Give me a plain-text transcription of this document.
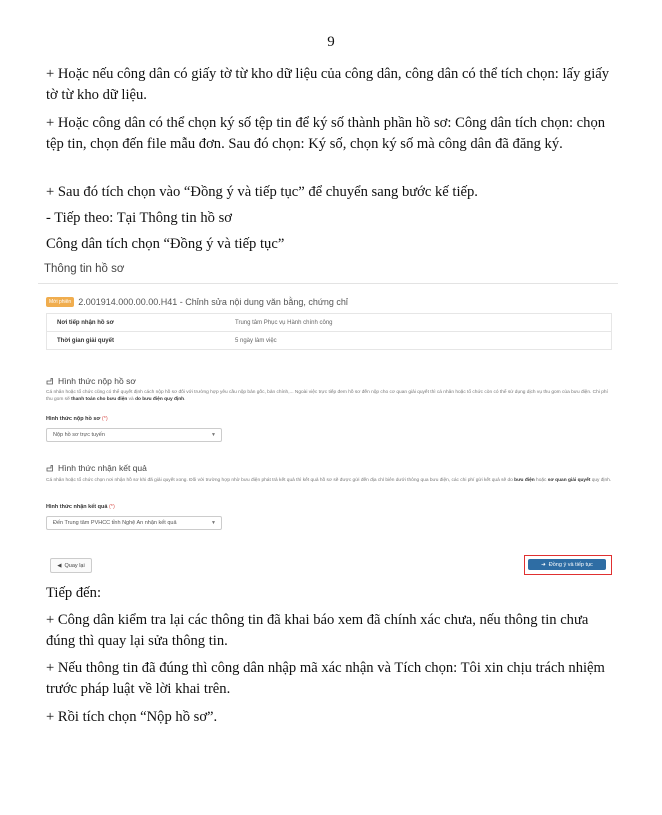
9

+ Hoặc nếu công dân có giấy tờ từ kho dữ liệu của công dân, công dân có thể tích chọn: lấy giấy tờ từ kho dữ liệu.

+ Hoặc công dân có thể chọn ký số tệp tin để ký số thành phần hồ sơ: Công dân tích chọn: chọn tệp tin, chọn đến file mẫu đơn. Sau đó chọn: Ký số, chọn ký số mà công dân đã đăng ký.

+ Sau đó tích chọn vào “Đồng ý và tiếp tục” để chuyển sang bước kế tiếp.

- Tiếp theo: Tại Thông tin hồ sơ

Công dân tích chọn “Đồng ý và tiếp tục”

Thông tin hồ sơ
Mới phiên 2.001914.000.00.00.H41 - Chỉnh sửa nội dung văn bằng, chứng chỉ
Nơi tiếp nhận hồ sơ	Trung tâm Phục vụ Hành chính công
Thời gian giải quyết	5 ngày làm việc
Hình thức nộp hồ sơ
Cá nhân hoặc tổ chức cũng có thể quyết định cách nộp hồ sơ đối với trường hợp yêu cầu nộp bản gốc, bản chính,... Ngoài việc trực tiếp đem hồ sơ đến nộp cho cơ quan giải quyết thì cá nhân hoặc tổ chức còn có thể sử dụng dịch vụ thu gom của bưu điện. Chi phí thu gom sẽ thanh toán cho bưu điện và do bưu điện quy định.
Hình thức nộp hồ sơ (*)
Nộp hồ sơ trực tuyến	▼
Hình thức nhận kết quả
Cá nhân hoặc tổ chức chọn nơi nhận hồ sơ khi đã giải quyết xong. Đối với trường hợp nhờ bưu điện phát trả kết quả thì kết quả hồ sơ sẽ được gửi đến địa chỉ biên dưới thông qua bưu điện, các chi phí gửi kết quả sẽ do bưu điện hoặc sơ quan giải quyết quy định.
Hình thức nhận kết quả (*)
Đến Trung tâm PVHCC tỉnh Nghệ An nhận kết quả	▼
◀ Quay lại	➜ Đồng ý và tiếp tục

Tiếp đến:

+ Công dân kiểm tra lại các thông tin đã khai báo xem đã chính xác chưa, nếu thông tin chưa đúng thì quay lại sửa thông tin.

+ Nếu thông tin đã đúng thì công dân nhập mã xác nhận và Tích chọn: Tôi xin chịu trách nhiệm trước pháp luật về lời khai trên.

+ Rồi tích chọn “Nộp hồ sơ”.
